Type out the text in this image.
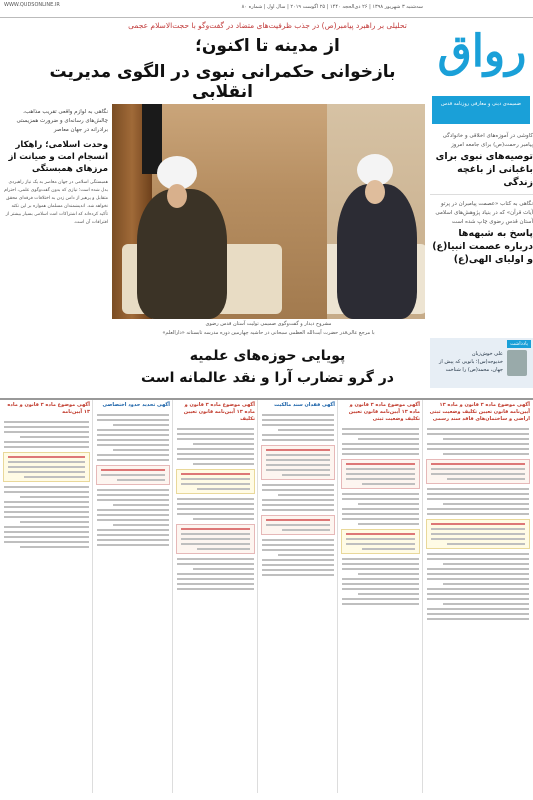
WWW.QUDSONLINE.IR	سه‌شنبه ۳ شهریور ۱۳۹۸ | ۲۶ ذی‌الحجه ۱۴۴۰ | ۲۵ اگوست ۲۰۱۹ | سال اول | شماره ۸۰
رواق
ضمیمه‌ی دینی و معارفی روزنامه قدس
تحلیلی بر راهبرد پیامبر(ص) در جذب ظرفیت‌های متضاد در گفت‌وگو با حجت‌الاسلام عجمی
از مدینه تا اکنون؛
بازخوانی حکمرانی نبوی در الگوی مدیریت انقلابی
نگاهی به لوازم واقعی تقریب مذاهب، چالش‌های رسانه‌ای و ضرورت همزیستی برادرانه در جهان معاصر
وحدت اسلامی؛ راهکار انسجام امت و صیانت از مرزهای همبستگی
همبستگی اسلامی در جهان معاصر به یک نیاز راهبردی بدل شده است؛ نیازی که بدون گفت‌وگوی علمی، احترام متقابل و پرهیز از دامن زدن به اختلافات فرقه‌ای محقق نخواهد شد. اندیشمندان مسلمان همواره بر این نکته تأکید کرده‌اند که اشتراکات امت اسلامی بسیار بیشتر از افتراقات آن است.
مشروح دیدار و گفت‌وگوی صمیمی تولیت آستان قدس رضوی
با مرجع عالی‌قدر حضرت آیت‌الله العظمی سبحانی در حاشیه چهارمین دوره مدرسه تابستانه «دارالعلم»
پویایی حوزه‌های علمیه
در گرو تضارب آرا و نقد عالمانه است
کاوشی در آموزه‌های اخلاقی و خانوادگی پیامبر رحمت(ص) برای جامعه امروز
توصیه‌های نبوی برای باغبانی از باغچه زندگی
نگاهی به کتاب «عصمت پیامبران در پرتو آیات قرآن» که در بنیاد پژوهش‌های اسلامی آستان قدس رضوی چاپ شده است
پاسخ به شبهه‌ها درباره عصمت انبیا(ع) و اولیای الهی(ع)
یادداشت
علی خوش‌زبان
خدیوجه(س)؛ بانویی که پیش از جهان، محمد(ص) را شناخت
آگهی موضوع ماده ۳ قانون و ماده ۱۳ آیین‌نامه قانون تعیین تکلیف وضعیت ثبتی اراضی و ساختمان‌های فاقد سند رسمی
آگهی موضوع ماده ۳ قانون و ماده ۱۳ آیین‌نامه قانون تعیین تکلیف وضعیت ثبتی
آگهی فقدان سند مالکیت
آگهی موضوع ماده ۳ قانون و ماده ۱۳ آیین‌نامه قانون تعیین تکلیف
آگهی تحدید حدود اختصاصی
آگهی موضوع ماده ۳ قانون و ماده ۱۳ آیین‌نامه
